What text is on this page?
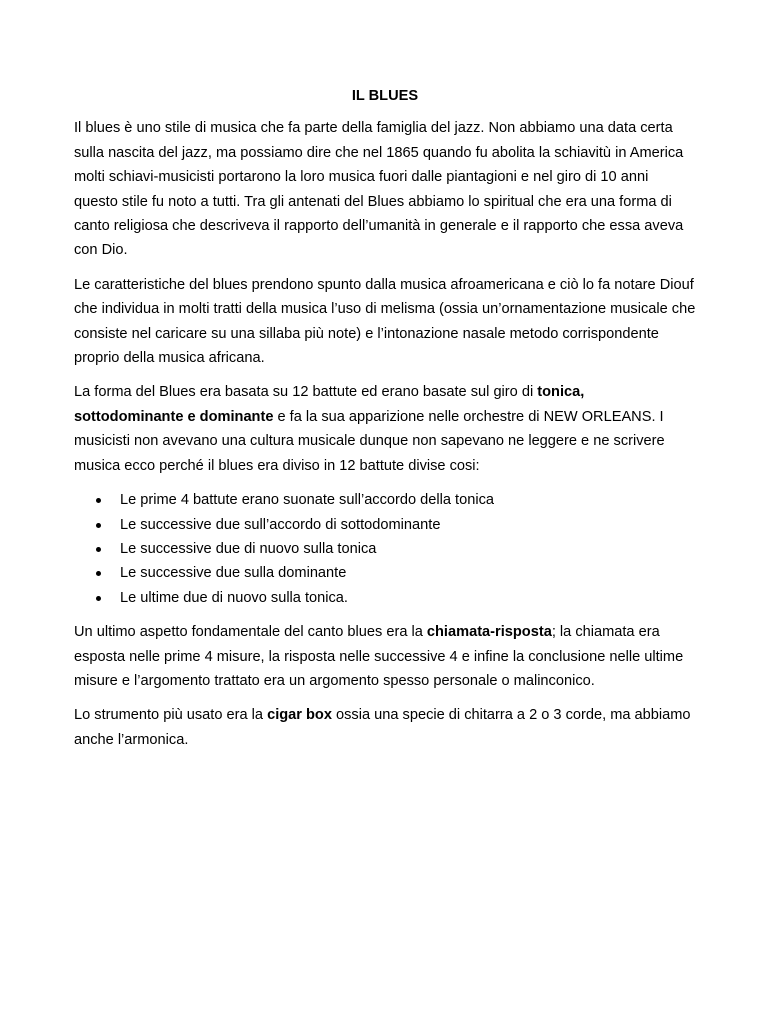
IL BLUES

Il blues è uno stile di musica che fa parte della famiglia del jazz. Non abbiamo una data certa sulla nascita del jazz, ma possiamo dire che nel 1865 quando fu abolita la schiavitù in America molti schiavi-musicisti portarono la loro musica fuori dalle piantagioni e nel giro di 10 anni questo stile fu noto a tutti. Tra gli antenati del Blues abbiamo lo spiritual che era una forma di canto religiosa che descriveva il rapporto dell’umanità in generale e il rapporto che essa aveva con Dio.

Le caratteristiche del blues prendono spunto dalla musica afroamericana e ciò lo fa notare Diouf che individua in molti tratti della musica l’uso di melisma (ossia un’ornamentazione musicale che consiste nel caricare su una sillaba più note) e l’intonazione nasale metodo corrispondente proprio della musica africana.

La forma del Blues era basata su 12 battute ed erano basate sul giro di tonica, sottodominante e dominante e fa la sua apparizione nelle orchestre di NEW ORLEANS. I musicisti non avevano una cultura musicale dunque non sapevano ne leggere e ne scrivere musica ecco perché il blues era diviso in 12 battute divise cosi:

Le prime 4 battute erano suonate sull’accordo della tonica
Le successive due sull’accordo di sottodominante
Le successive due di nuovo sulla tonica
Le successive due sulla dominante
Le ultime due di nuovo sulla tonica.

Un ultimo aspetto fondamentale del canto blues era la chiamata-risposta; la chiamata era esposta nelle prime 4 misure, la risposta nelle successive 4 e infine la conclusione nelle ultime misure e l’argomento trattato era un argomento spesso personale o malinconico.

Lo strumento più usato era la cigar box ossia una specie di chitarra a 2 o 3 corde, ma abbiamo anche l’armonica.
